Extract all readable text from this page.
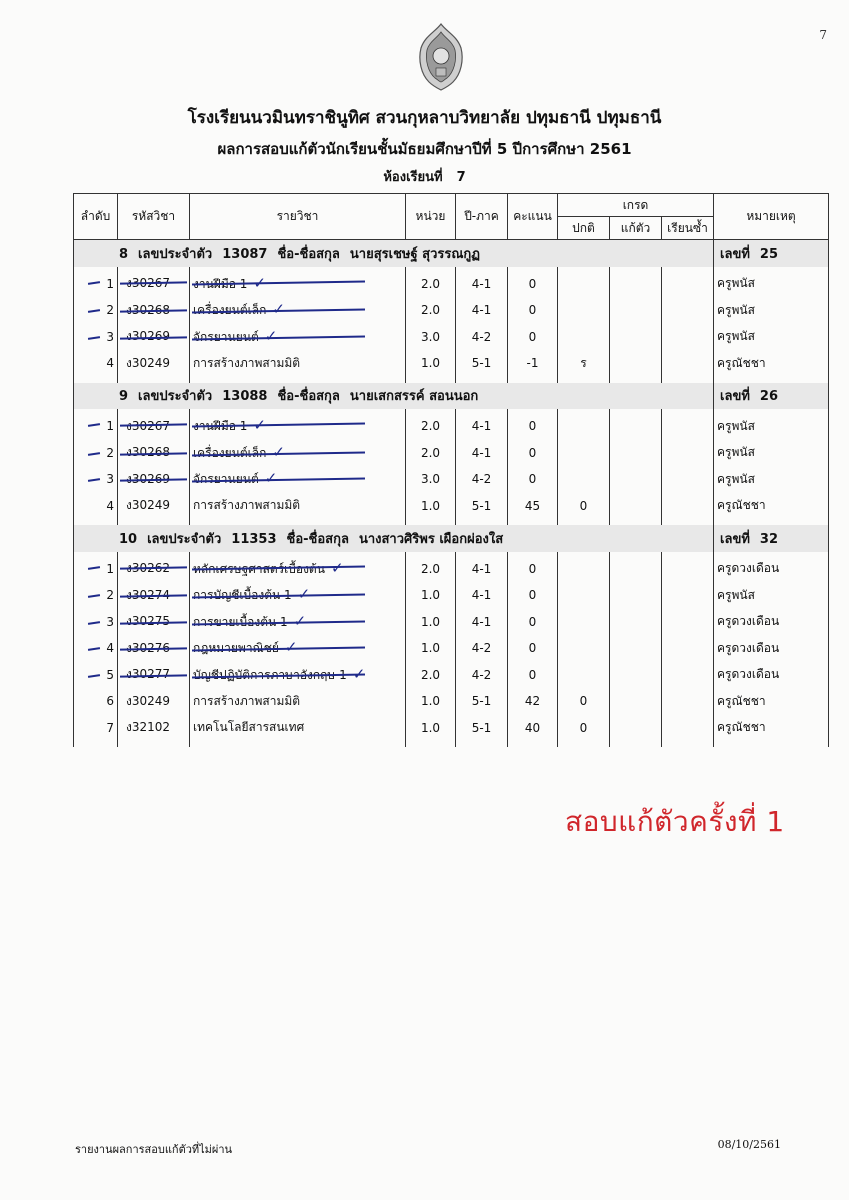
7
โรงเรียนนวมินทราชินูทิศ สวนกุหลาบวิทยาลัย ปทุมธานี ปทุมธานี
ผลการสอบแก้ตัวนักเรียนชั้นมัธยมศึกษาปีที่ 5 ปีการศึกษา 2561
ห้องเรียนที่ 7
ลำดับ	รหัสวิชา	รายวิชา	หน่วย	ปี-ภาค	คะแนน	เกรด			หมายเหตุ
						ปกติ	แก้ตัว	เรียนซ้ำ	
8 เลขประจำตัว 13087 ชื่อ-ชื่อสกุล นายสุรเชษฐ์ สุวรรณกูฏ									เลขที่ 25
1	ง30267	งานฝีมือ 1 ✓	2.0	4-1	0				ครูพนัส
2	ง30268	เครื่องยนต์เล็ก ✓	2.0	4-1	0				ครูพนัส
3	ง30269	จักรยานยนต์ ✓	3.0	4-2	0				ครูพนัส
4	ง30249	การสร้างภาพสามมิติ	1.0	5-1	-1	ร			ครูณัชชา
9 เลขประจำตัว 13088 ชื่อ-ชื่อสกุล นายเสกสรรค์ สอนนอก									เลขที่ 26
1	ง30267	งานฝีมือ 1 ✓	2.0	4-1	0				ครูพนัส
2	ง30268	เครื่องยนต์เล็ก ✓	2.0	4-1	0				ครูพนัส
3	ง30269	จักรยานยนต์ ✓	3.0	4-2	0				ครูพนัส
4	ง30249	การสร้างภาพสามมิติ	1.0	5-1	45	0			ครูณัชชา
10 เลขประจำตัว 11353 ชื่อ-ชื่อสกุล นางสาวศิริพร เผือกผ่องใส									เลขที่ 32
1	ง30262	หลักเศรษฐศาสตร์เบื้องต้น ✓	2.0	4-1	0				ครูดวงเดือน
2	ง30274	การบัญชีเบื้องต้น 1 ✓	1.0	4-1	0				ครูพนัส
3	ง30275	การขายเบื้องต้น 1 ✓	1.0	4-1	0				ครูดวงเดือน
4	ง30276	กฎหมายพาณิชย์ ✓	1.0	4-2	0				ครูดวงเดือน
5	ง30277	บัญชีปฏิบัติการภาษาอังกฤษ 1 ✓	2.0	4-2	0				ครูดวงเดือน
6	ง30249	การสร้างภาพสามมิติ	1.0	5-1	42	0			ครูณัชชา
7	ง32102	เทคโนโลยีสารสนเทศ	1.0	5-1	40	0			ครูณัชชา
สอบแก้ตัวครั้งที่ 1
รายงานผลการสอบแก้ตัวที่ไม่ผ่าน	08/10/2561
